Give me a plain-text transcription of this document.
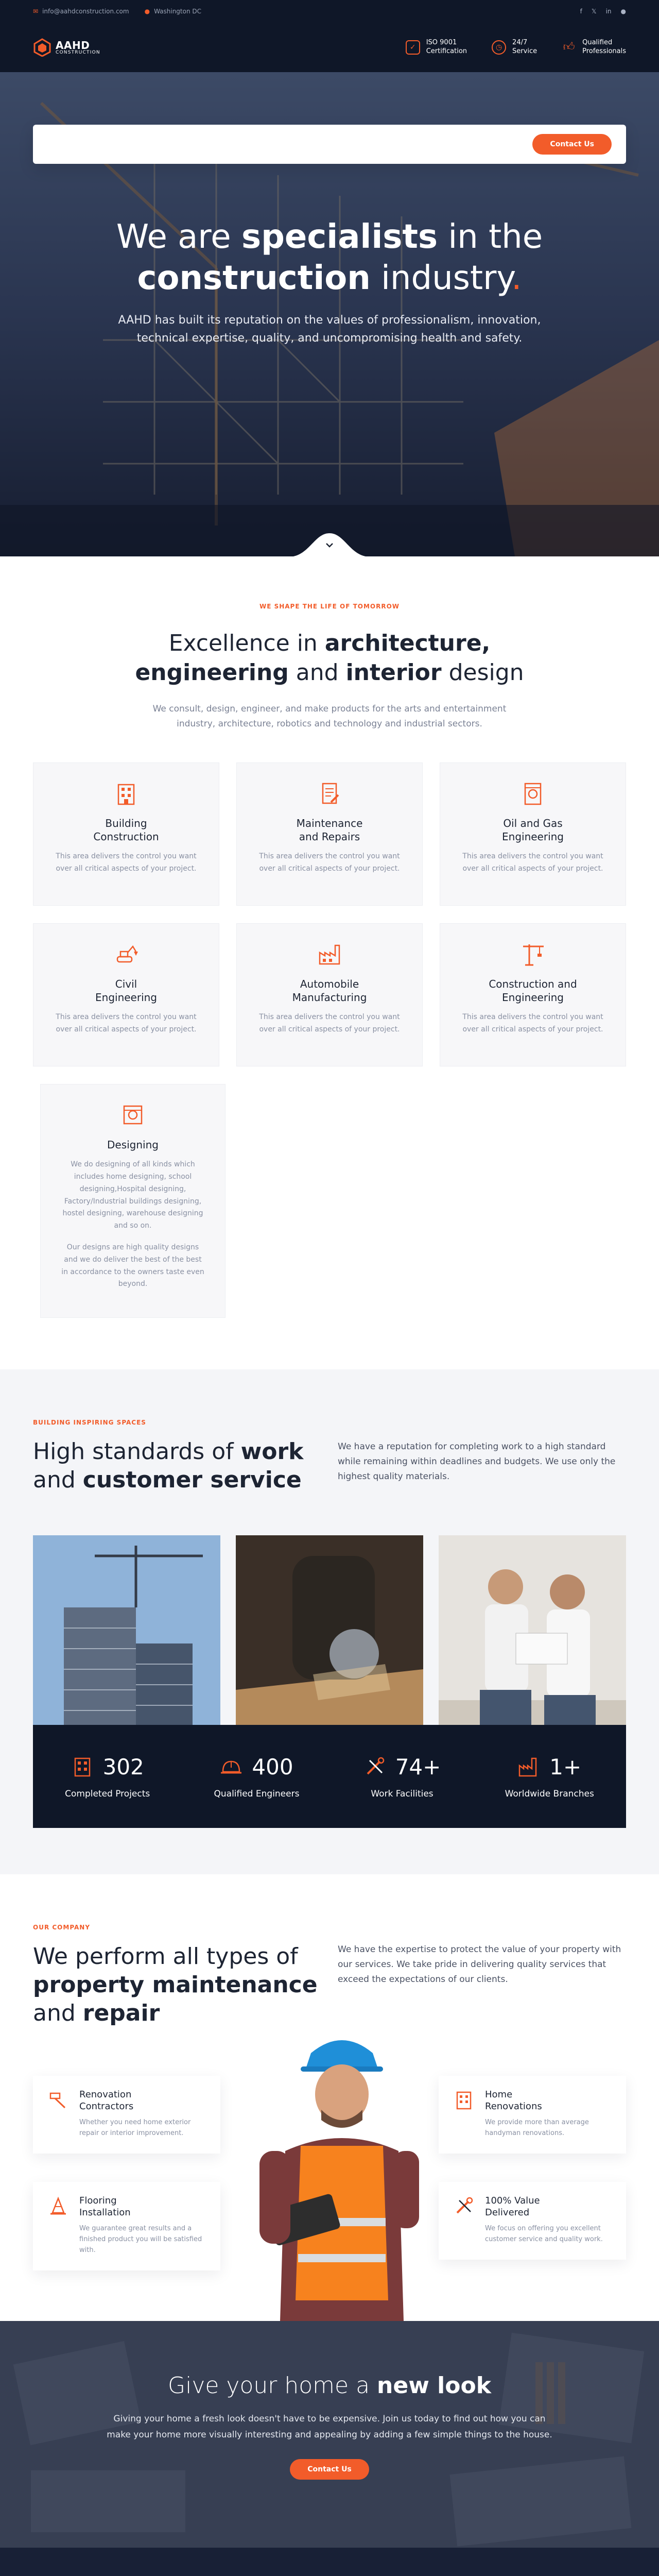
✉ info@aahdconstruction.com	● Washington DC	f 𝕏 in ●
AAHD
CONSTRUCTION
✓
ISO 9001
Certification	◷
24/7
Service 👍︎ Qualified
Professionals
We are specialists in the
construction industry.

AAHD has built its reputation on the values of professionalism, innovation, technical expertise, quality, and uncompromising health and safety.

Contact Us
WE SHAPE THE LIFE OF TOMORROW
Excellence in architecture,
engineering and interior design

We consult, design, engineer, and make products for the arts and entertainment industry, architecture, robotics and technology and industrial sectors.

Building
Construction

This area delivers the control you want over all critical aspects of your project.

Maintenance
and Repairs

This area delivers the control you want over all critical aspects of your project.

Oil and Gas
Engineering

This area delivers the control you want over all critical aspects of your project.

Civil
Engineering

This area delivers the control you want over all critical aspects of your project.

Automobile
Manufacturing

This area delivers the control you want over all critical aspects of your project.

Construction and
Engineering

This area delivers the control you want over all critical aspects of your project.

Designing

We do designing of all kinds which includes home designing, school designing,Hospital designing, Factory/Industrial buildings designing, hostel designing, warehouse designing and so on.

Our designs are high quality designs and we do deliver the best of the best in accordance to the owners taste even beyond.

BUILDING INSPIRING SPACES
High standards of work
and customer service
We have a reputation for completing work to a high standard while remaining within deadlines and budgets. We use only the highest quality materials.
302
Completed Projects
400
Qualified Engineers
74+
Work Facilities
1+
Worldwide Branches
OUR COMPANY
We perform all types of
property maintenance
and repair
We have the expertise to protect the value of your property with our services. We take pride in delivering quality services that exceed the expectations of our clients.
Renovation
Contractors

Whether you need home exterior repair or interior improvement.

Home
Renovations

We provide more than average handyman renovations.

Flooring
Installation

We guarantee great results and a finished product you will be satisfied with.

100% Value
Delivered

We focus on offering you excellent customer service and quality work.

Give your home a new look

Giving your home a fresh look doesn't have to be expensive. Join us today to find out how you can make your home more visually interesting and appealing by adding a few simple things to the house.

Contact Us
